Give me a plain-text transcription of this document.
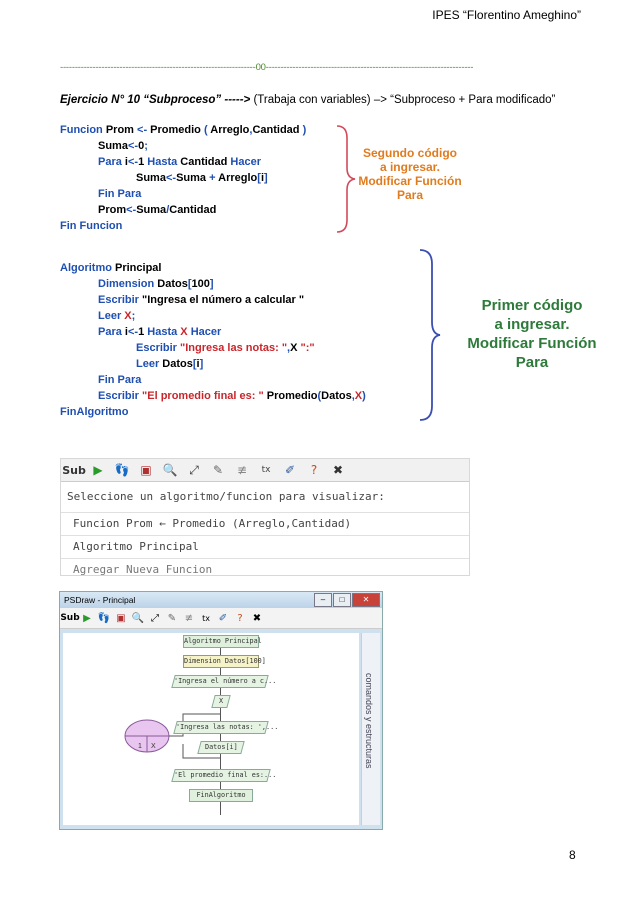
IPES “Florentino Ameghino”
------------------------------------------------------------------00----------------------------------------------------------------------
Ejercicio N° 10 “Subproceso” -----> (Trabaja con variables) –> “Subproceso + Para modificado”
Funcion Prom <- Promedio ( Arreglo,Cantidad )
Suma<-0;
Para i<-1 Hasta Cantidad Hacer
Suma<-Suma + Arreglo[i]
Fin Para
Prom<-Suma/Cantidad
Fin Funcion
Segundo código
a ingresar.
Modificar Función
Para
Algoritmo Principal
Dimension Datos[100]
Escribir "Ingresa el número a calcular "
Leer X;
Para i<-1 Hasta X Hacer
Escribir "Ingresa las notas: ",X ":"
Leer Datos[i]
Fin Para
Escribir "El promedio final es: " Promedio(Datos,X)
FinAlgoritmo
Primer código
a ingresar.
Modificar Función
Para
Sub ▶ 👣 ▣ 🔍 ⤢	✎	≢	tx	✐	?	✖
Seleccione un algoritmo/funcion para visualizar:
Funcion Prom ← Promedio (Arreglo,Cantidad)
Algoritmo Principal
Agregar Nueva Funcion
PSDraw - Principal	–	□	✕
Sub ▶ 👣 ▣ 🔍 ⤢ ✎ ≢	tx ✐	?	✖
Algoritmo Principal
Dimension Datos[100]
'Ingresa el número a c...
X
1 X
'Ingresa las notas: ',...
Datos[i]
'El promedio final es:...
FinAlgoritmo
comandos y estructuras
8
